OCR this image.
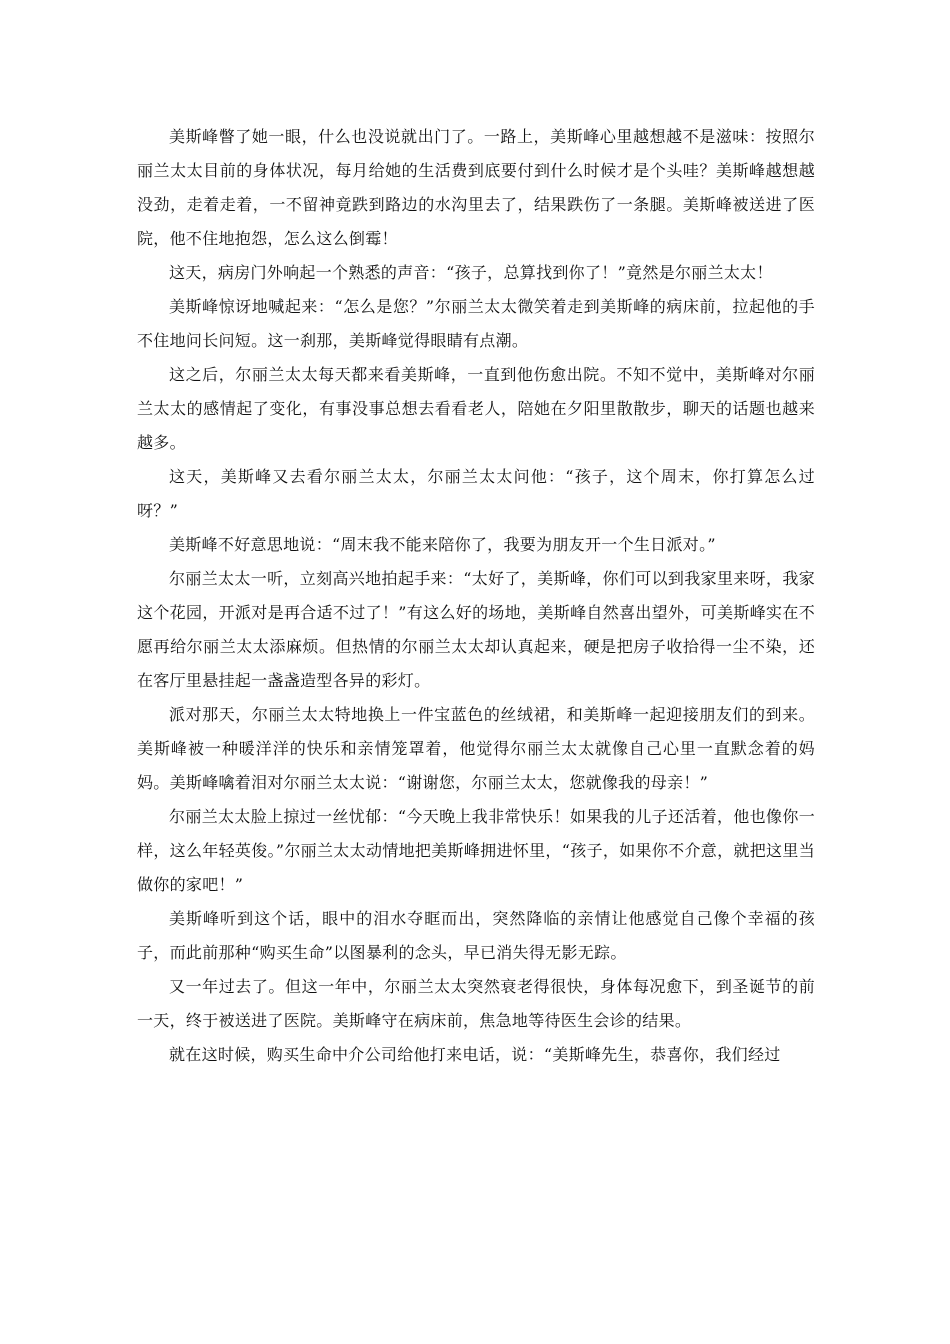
美斯峰瞥了她一眼，什么也没说就出门了。一路上，美斯峰心里越想越不是滋味：按照尔丽兰太太目前的身体状况，每月给她的生活费到底要付到什么时候才是个头哇？美斯峰越想越没劲，走着走着，一不留神竟跌到路边的水沟里去了，结果跌伤了一条腿。美斯峰被送进了医院，他不住地抱怨，怎么这么倒霉！

这天，病房门外响起一个熟悉的声音：“孩子，总算找到你了！”竟然是尔丽兰太太！

美斯峰惊讶地喊起来：“怎么是您？”尔丽兰太太微笑着走到美斯峰的病床前，拉起他的手不住地问长问短。这一刹那，美斯峰觉得眼睛有点潮。

这之后，尔丽兰太太每天都来看美斯峰，一直到他伤愈出院。不知不觉中，美斯峰对尔丽兰太太的感情起了变化，有事没事总想去看看老人，陪她在夕阳里散散步，聊天的话题也越来越多。

这天，美斯峰又去看尔丽兰太太，尔丽兰太太问他：“孩子，这个周末，你打算怎么过呀？”

美斯峰不好意思地说：“周末我不能来陪你了，我要为朋友开一个生日派对。”

尔丽兰太太一听，立刻高兴地拍起手来：“太好了，美斯峰，你们可以到我家里来呀，我家这个花园，开派对是再合适不过了！”有这么好的场地，美斯峰自然喜出望外，可美斯峰实在不愿再给尔丽兰太太添麻烦。但热情的尔丽兰太太却认真起来，硬是把房子收拾得一尘不染，还在客厅里悬挂起一盏盏造型各异的彩灯。

派对那天，尔丽兰太太特地换上一件宝蓝色的丝绒裙，和美斯峰一起迎接朋友们的到来。美斯峰被一种暖洋洋的快乐和亲情笼罩着，他觉得尔丽兰太太就像自己心里一直默念着的妈妈。美斯峰噙着泪对尔丽兰太太说：“谢谢您，尔丽兰太太，您就像我的母亲！”

尔丽兰太太脸上掠过一丝忧郁：“今天晚上我非常快乐！如果我的儿子还活着，他也像你一样，这么年轻英俊。”尔丽兰太太动情地把美斯峰拥进怀里，“孩子，如果你不介意，就把这里当做你的家吧！”

美斯峰听到这个话，眼中的泪水夺眶而出，突然降临的亲情让他感觉自己像个幸福的孩子，而此前那种“购买生命”以图暴利的念头，早已消失得无影无踪。

又一年过去了。但这一年中，尔丽兰太太突然衰老得很快，身体每况愈下，到圣诞节的前一天，终于被送进了医院。美斯峰守在病床前，焦急地等待医生会诊的结果。

就在这时候，购买生命中介公司给他打来电话，说：“美斯峰先生，恭喜你，我们经过
